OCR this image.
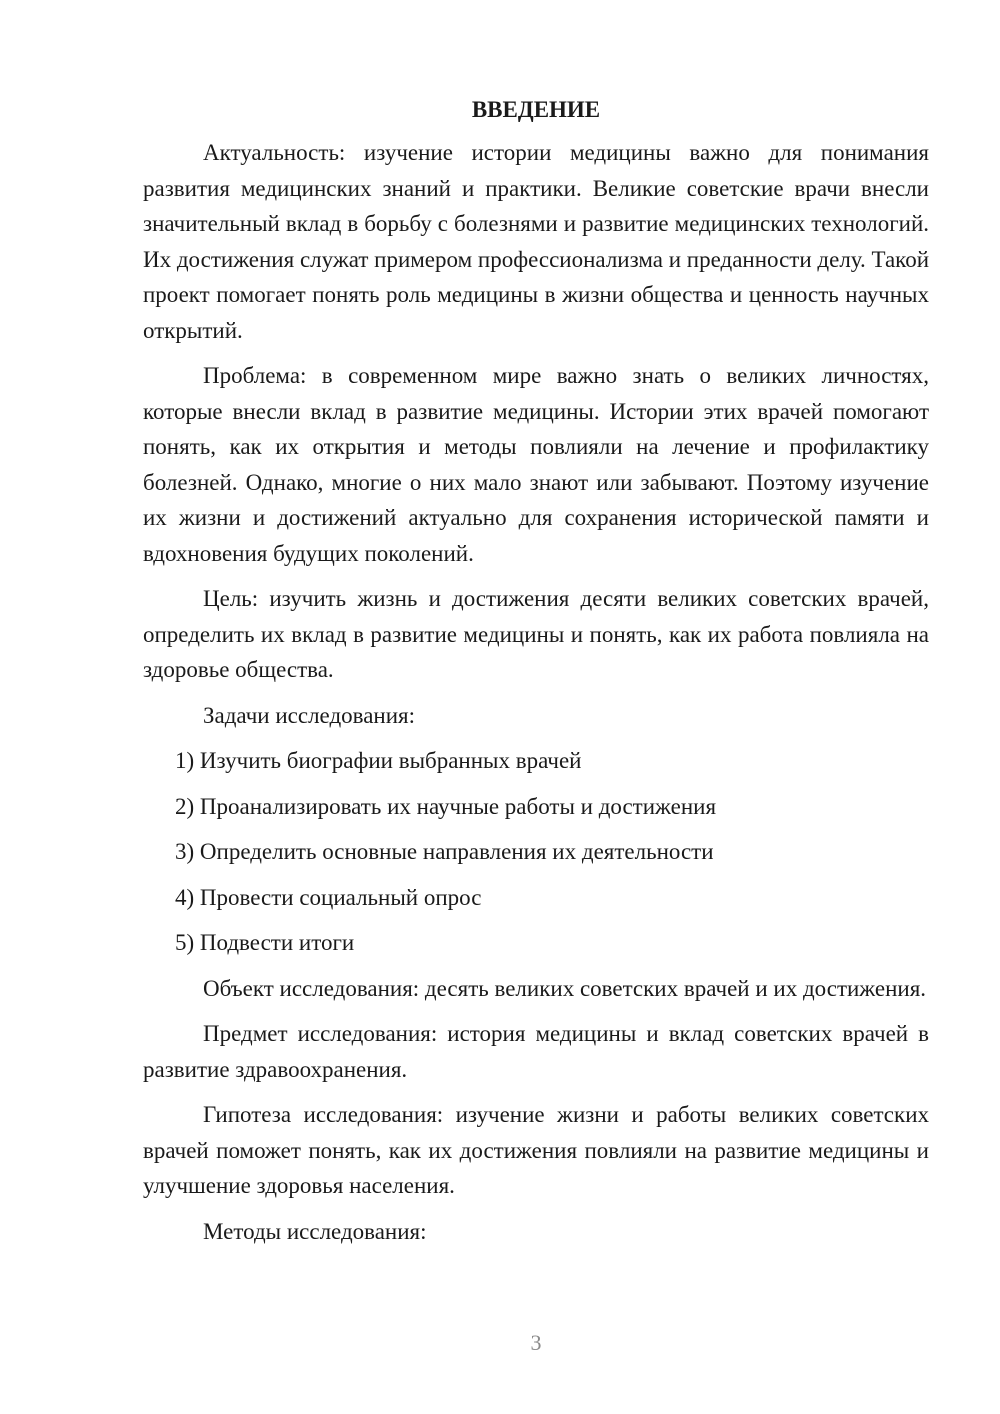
ВВЕДЕНИЕ

Актуальность: изучение истории медицины важно для понимания развития медицинских знаний и практики. Великие советские врачи внесли значительный вклад в борьбу с болезнями и развитие медицинских технологий. Их достижения служат примером профессионализма и преданности делу. Такой проект помогает понять роль медицины в жизни общества и ценность научных открытий.

Проблема: в современном мире важно знать о великих личностях, которые внесли вклад в развитие медицины. Истории этих врачей помогают понять, как их открытия и методы повлияли на лечение и профилактику болезней. Однако, многие о них мало знают или забывают. Поэтому изучение их жизни и достижений актуально для сохранения исторической памяти и вдохновения будущих поколений.

Цель: изучить жизнь и достижения десяти великих советских врачей, определить их вклад в развитие медицины и понять, как их работа повлияла на здоровье общества.

Задачи исследования:

1) Изучить биографии выбранных врачей
2) Проанализировать их научные работы и достижения
3) Определить основные направления их деятельности
4) Провести социальный опрос
5) Подвести итоги

Объект исследования: десять великих советских врачей и их достижения.

Предмет исследования: история медицины и вклад советских врачей в развитие здравоохранения.

Гипотеза исследования: изучение жизни и работы великих советских врачей поможет понять, как их достижения повлияли на развитие медицины и улучшение здоровья населения.

Методы исследования:

3
